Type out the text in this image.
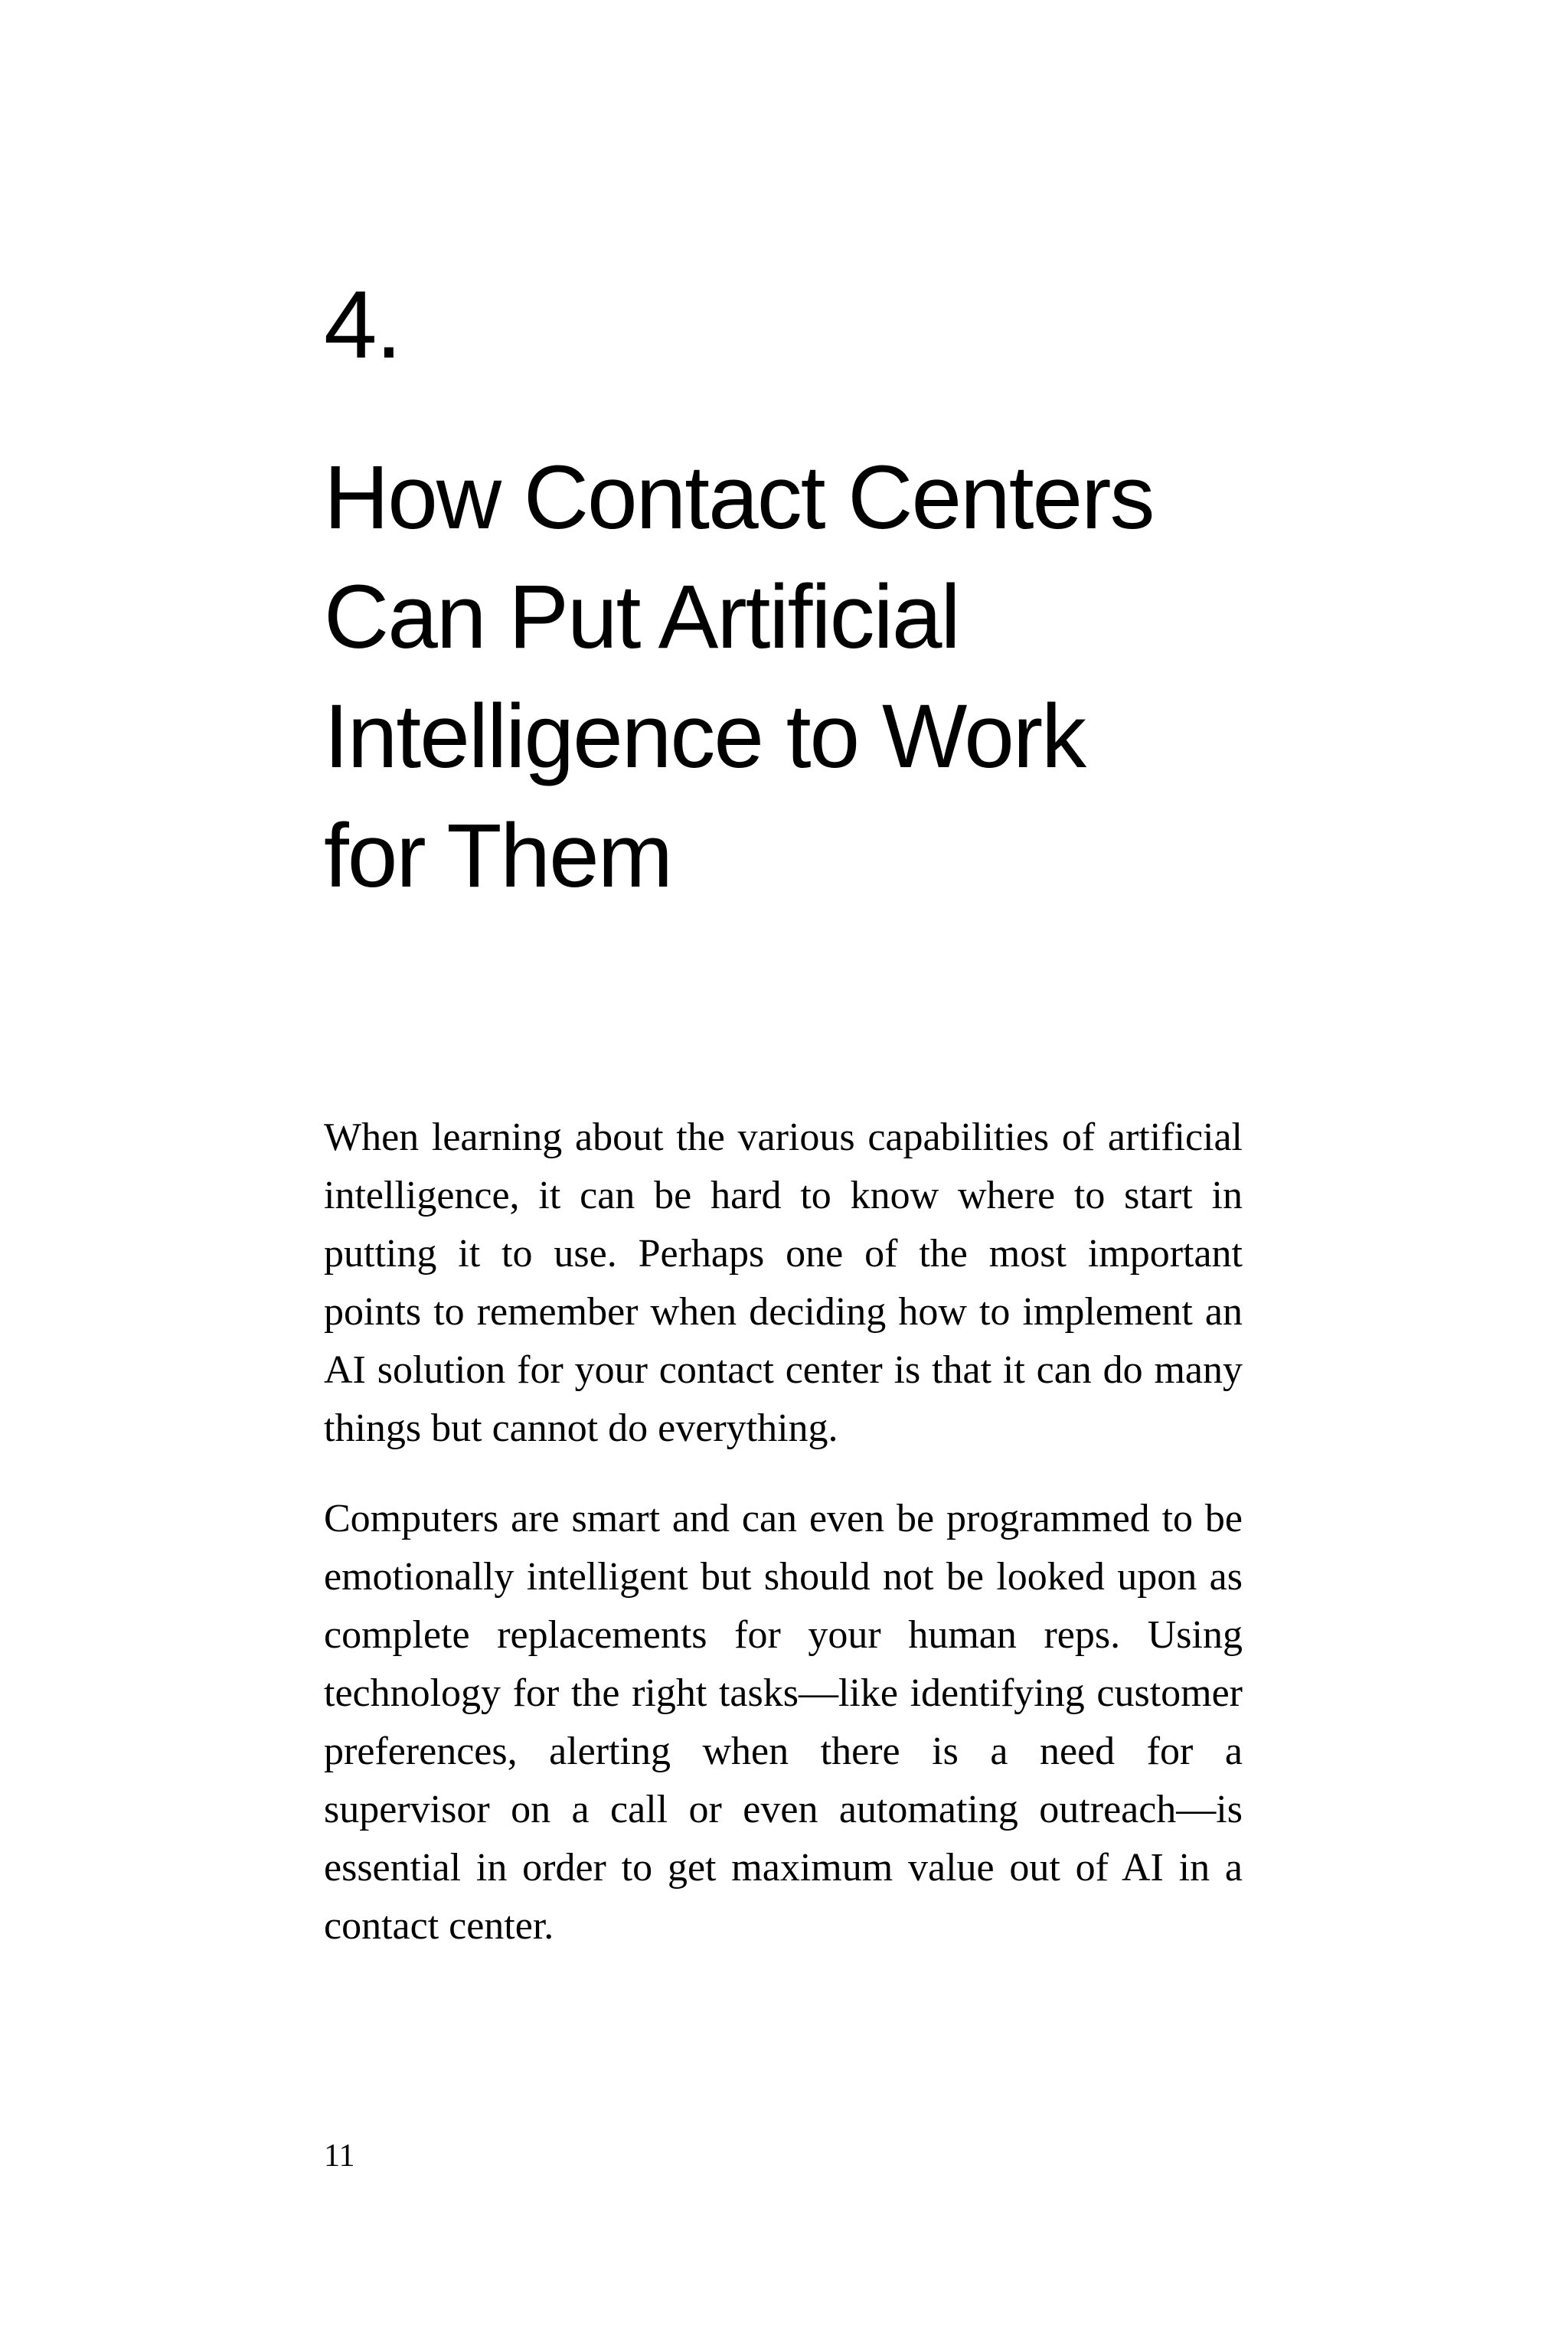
4.
How Contact Centers
Can Put Artificial
Intelligence to Work
for Them

When learning about the various capabilities of artificial intelligence, it can be hard to know where to start in putting it to use. Perhaps one of the most important points to remember when deciding how to implement an AI solution for your contact center is that it can do many things but cannot do everything.

Computers are smart and can even be programmed to be emotionally intelligent but should not be looked upon as complete replacements for your human reps. Using technology for the right tasks—like identifying customer preferences, alerting when there is a need for a supervisor on a call or even automating outreach—is essential in order to get maximum value out of AI in a contact center.

11
